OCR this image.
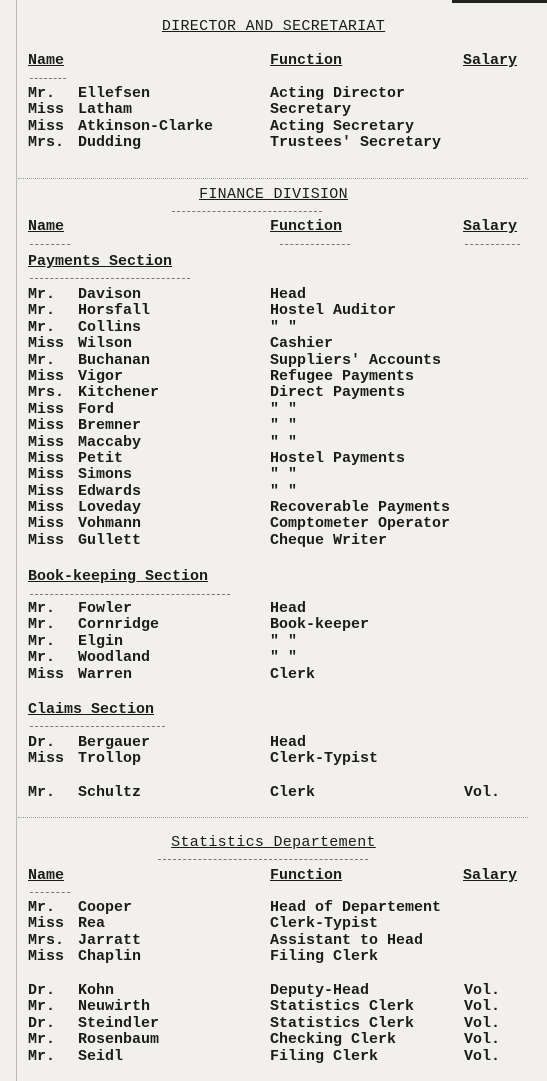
DIRECTOR AND SECRETARIAT
Name	Function	Salary
Mr. Ellefsen	Acting Director
Miss Latham	Secretary
Miss Atkinson-Clarke	Acting Secretary
Mrs. Dudding	Trustees' Secretary
FINANCE DIVISION
Name	Function	Salary
Payments Section
Mr. Davison	Head
Mr. Horsfall	Hostel Auditor
Mr. Collins	" "
Miss Wilson	Cashier
Mr. Buchanan	Suppliers' Accounts
Miss Vigor	Refugee Payments
Mrs. Kitchener	Direct Payments
Miss Ford	" "
Miss Bremner	" "
Miss Maccaby	" "
Miss Petit	Hostel Payments
Miss Simons	" "
Miss Edwards	" "
Miss Loveday	Recoverable Payments
Miss Vohmann	Comptometer Operator
Miss Gullett	Cheque Writer
Book-keeping Section
Mr. Fowler	Head
Mr. Cornridge	Book-keeper
Mr. Elgin	" "
Mr. Woodland	" "
Miss Warren	Clerk
Claims Section
Dr. Bergauer	Head
Miss Trollop	Clerk-Typist
Mr. Schultz	Clerk	Vol.
Statistics Departement
Name	Function	Salary
Mr. Cooper	Head of Departement
Miss Rea	Clerk-Typist
Mrs. Jarratt	Assistant to Head
Miss Chaplin	Filing Clerk
Dr. Kohn	Deputy-Head	Vol.
Mr. Neuwirth	Statistics Clerk	Vol.
Dr. Steindler	Statistics Clerk	Vol.
Mr. Rosenbaum	Checking Clerk	Vol.
Mr. Seidl	Filing Clerk	Vol.
